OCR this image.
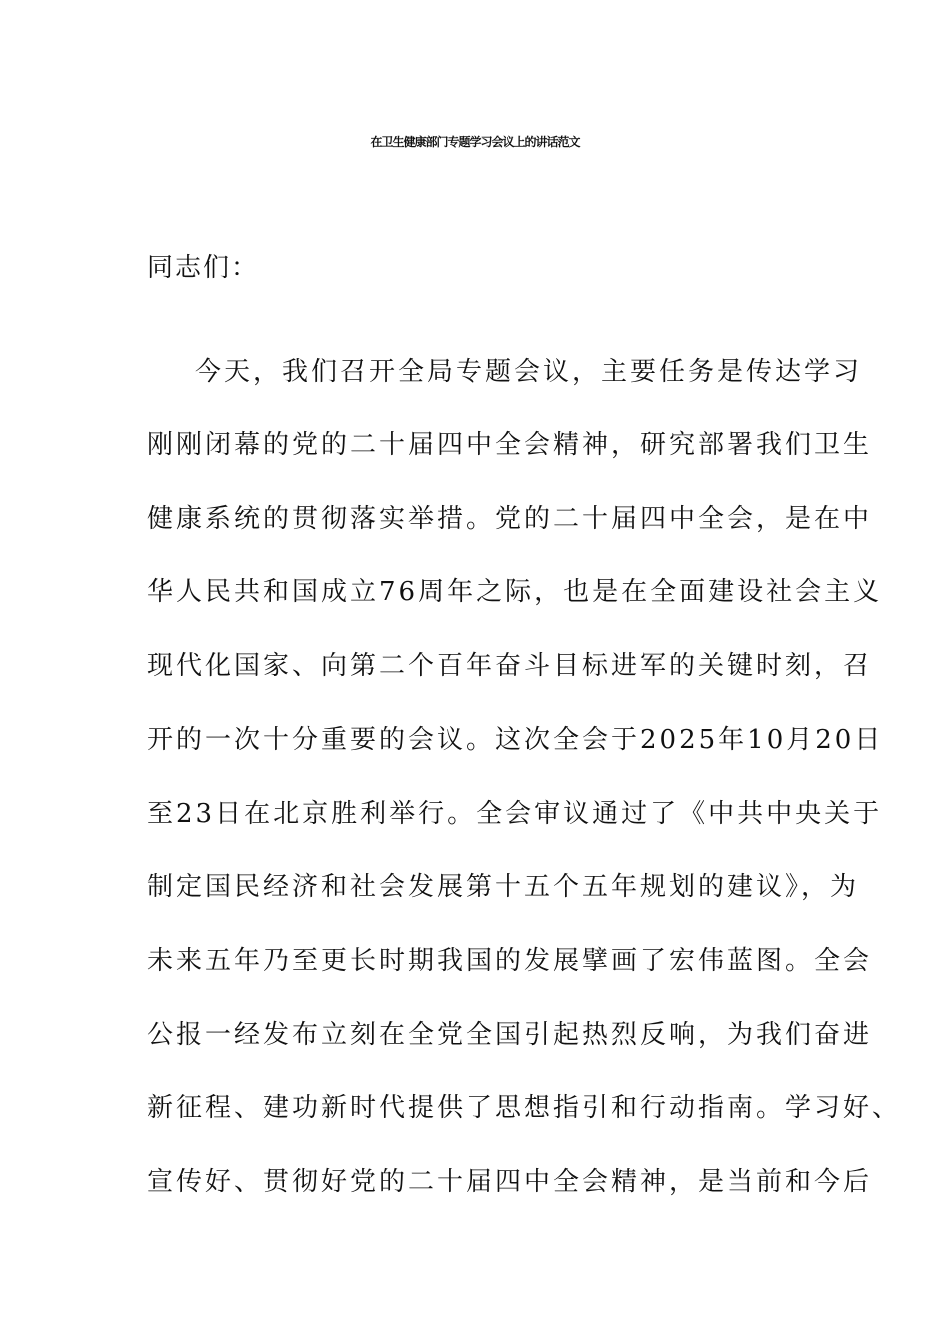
在卫生健康部门专题学习会议上的讲话范文
同志们：
今天，我们召开全局专题会议，主要任务是传达学习
刚刚闭幕的党的二十届四中全会精神，研究部署我们卫生
健康系统的贯彻落实举措。党的二十届四中全会，是在中
华人民共和国成立76周年之际，也是在全面建设社会主义
现代化国家、向第二个百年奋斗目标进军的关键时刻，召
开的一次十分重要的会议。这次全会于2025年10月20日
至23日在北京胜利举行。全会审议通过了《中共中央关于
制定国民经济和社会发展第十五个五年规划的建议》，为
未来五年乃至更长时期我国的发展擘画了宏伟蓝图。全会
公报一经发布立刻在全党全国引起热烈反响，为我们奋进
新征程、建功新时代提供了思想指引和行动指南。学习好、
宣传好、贯彻好党的二十届四中全会精神，是当前和今后
